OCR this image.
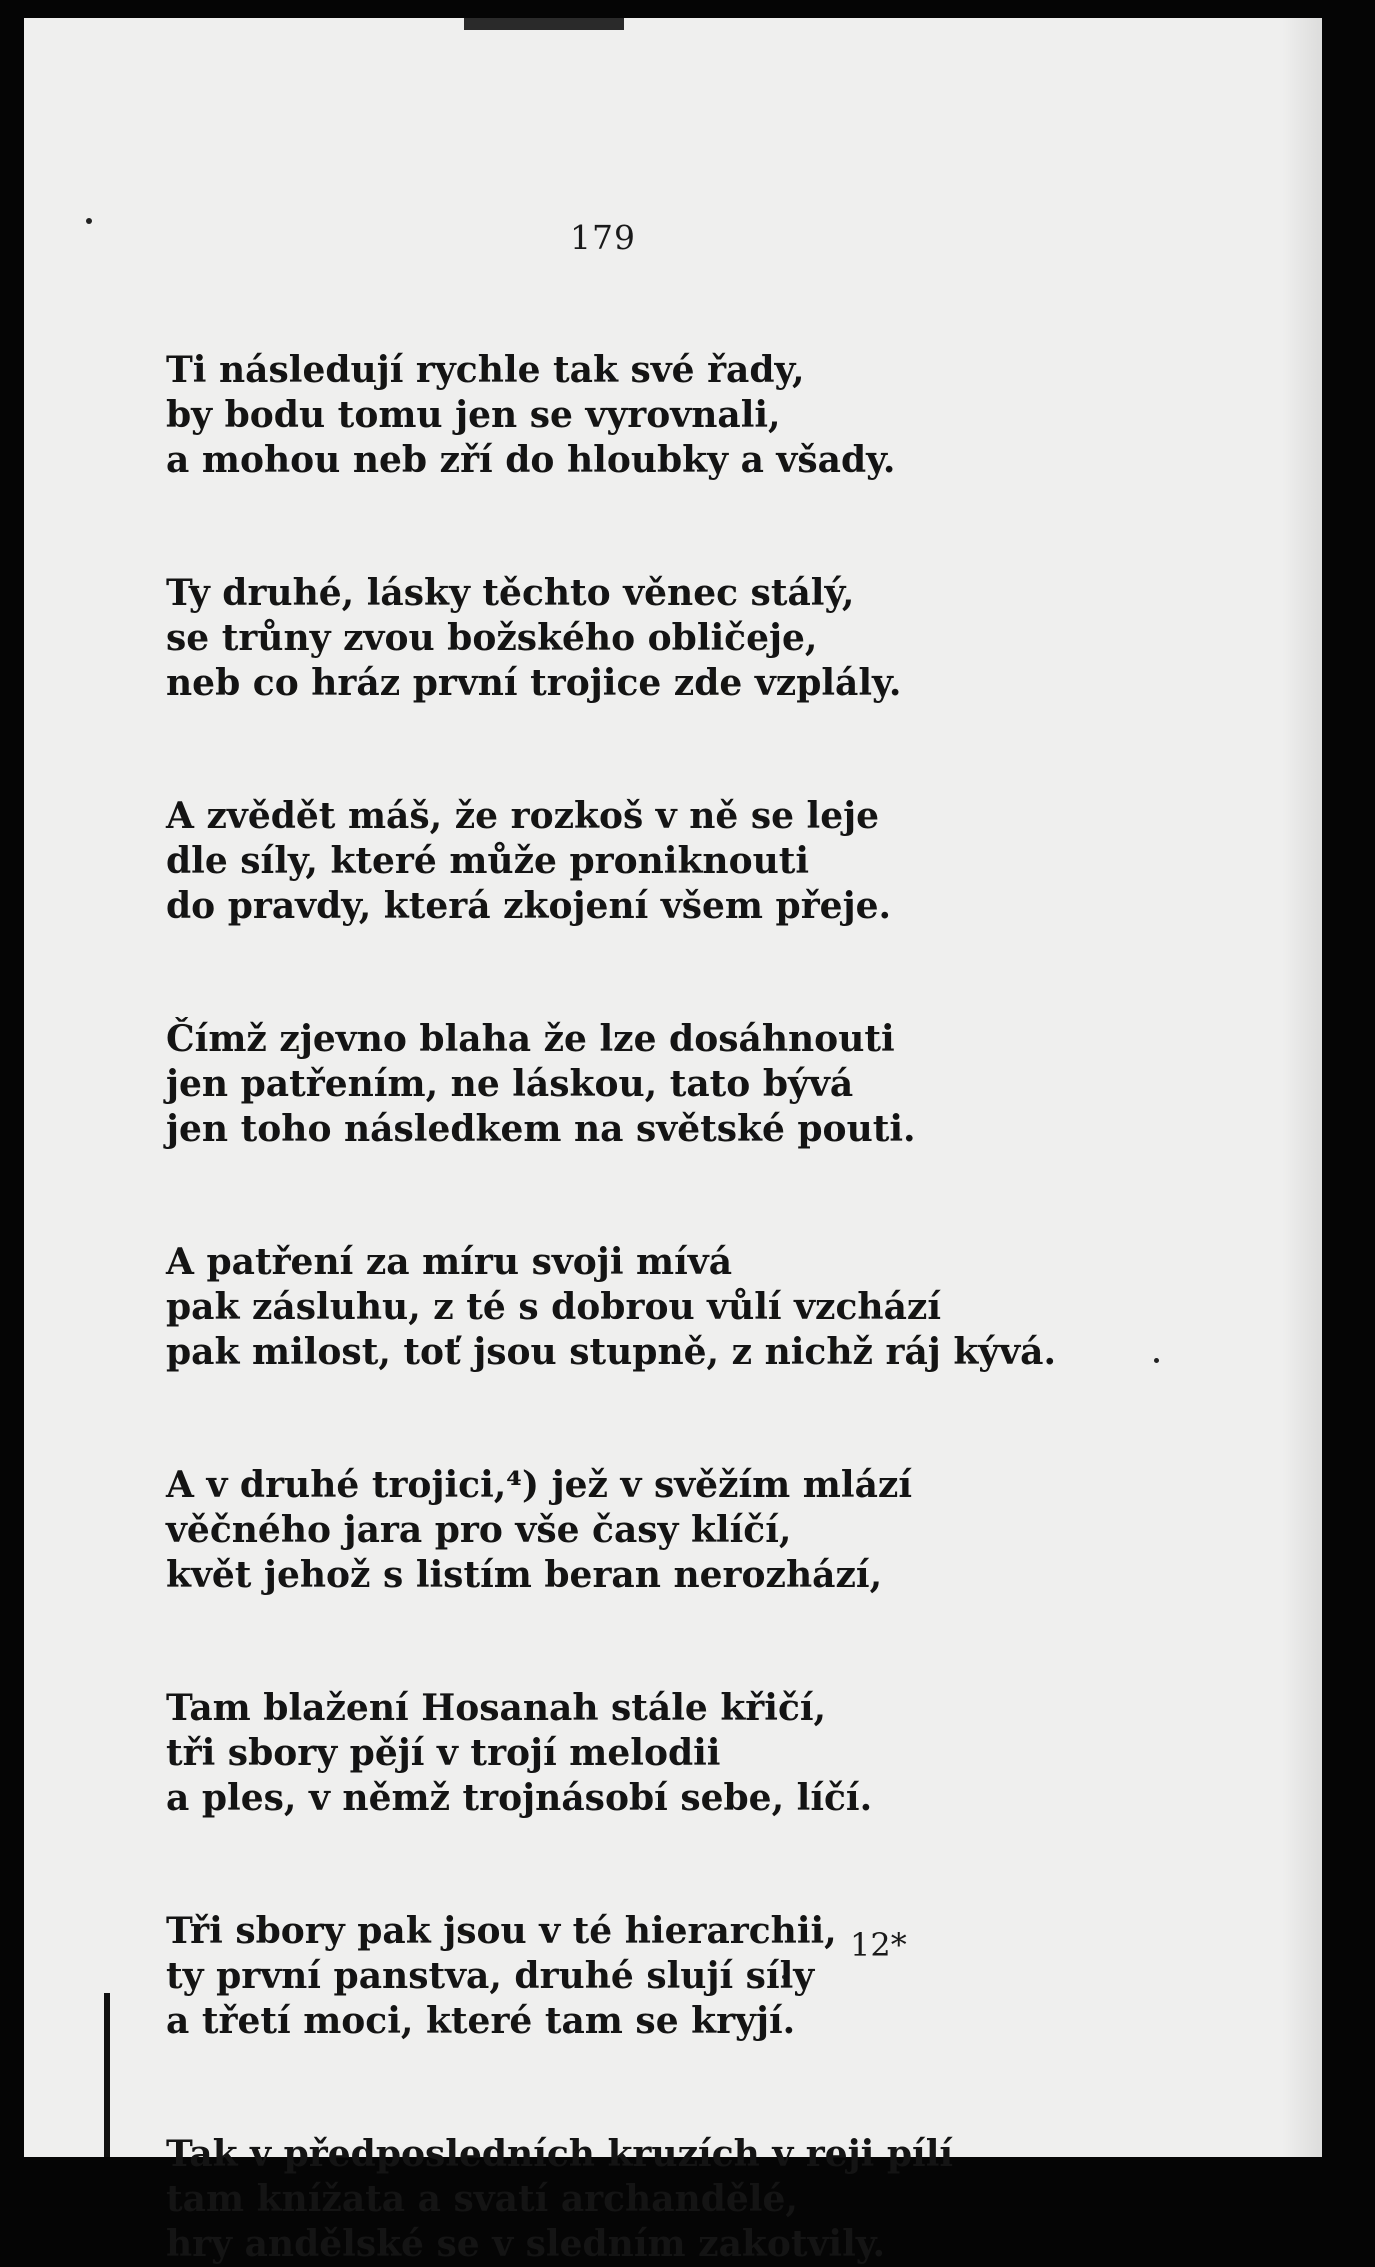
179
Ti následují rychle tak své řady,
by bodu tomu jen se vyrovnali,
a mohou neb zří do hloubky a všady.
Ty druhé, lásky těchto věnec stálý,
se trůny zvou božského obličeje,
neb co hráz první trojice zde vzplály.
A zvědět máš, že rozkoš v ně se leje
dle síly, které může proniknouti
do pravdy, která zkojení všem přeje.
Čímž zjevno blaha že lze dosáhnouti
jen patřením, ne láskou, tato bývá
jen toho následkem na světské pouti.
A patření za míru svoji mívá
pak zásluhu, z té s dobrou vůlí vzchází
pak milost, toť jsou stupně, z nichž ráj kývá.
A v druhé trojici,⁴) jež v svěžím mlází
věčného jara pro vše časy klíčí,
květ jehož s listím beran nerozhází,
Tam blažení Hosanah stále křičí,
tři sbory pějí v trojí melodii
a ples, v němž trojnásobí sebe, líčí.
Tři sbory pak jsou v té hierarchii,
ty první panstva, druhé slují síly
a třetí moci, které tam se kryjí.
Tak v předposledních kruzích v reji pílí
tam knížata a svatí archandělé,
hry andělské se v sledním zakotvily.
12*
